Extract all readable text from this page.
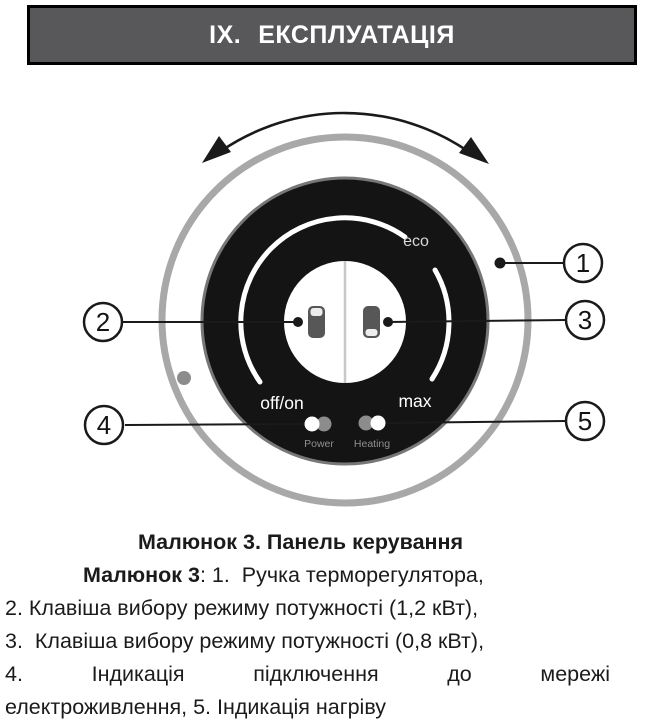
IX. ЕКСПЛУАТАЦІЯ
eco
off/on	max
Power Heating
1
2	3
4	5
Малюнок 3. Панель керування
Малюнок 3: 1.  Ручка терморегулятора,
2. Клавіша вибору режиму потужності (1,2 кВт),
3.  Клавіша вибору режиму потужності (0,8 кВт),
4.	Індикація	підключення	до	мережі
електроживлення, 5. Індикація нагріву
